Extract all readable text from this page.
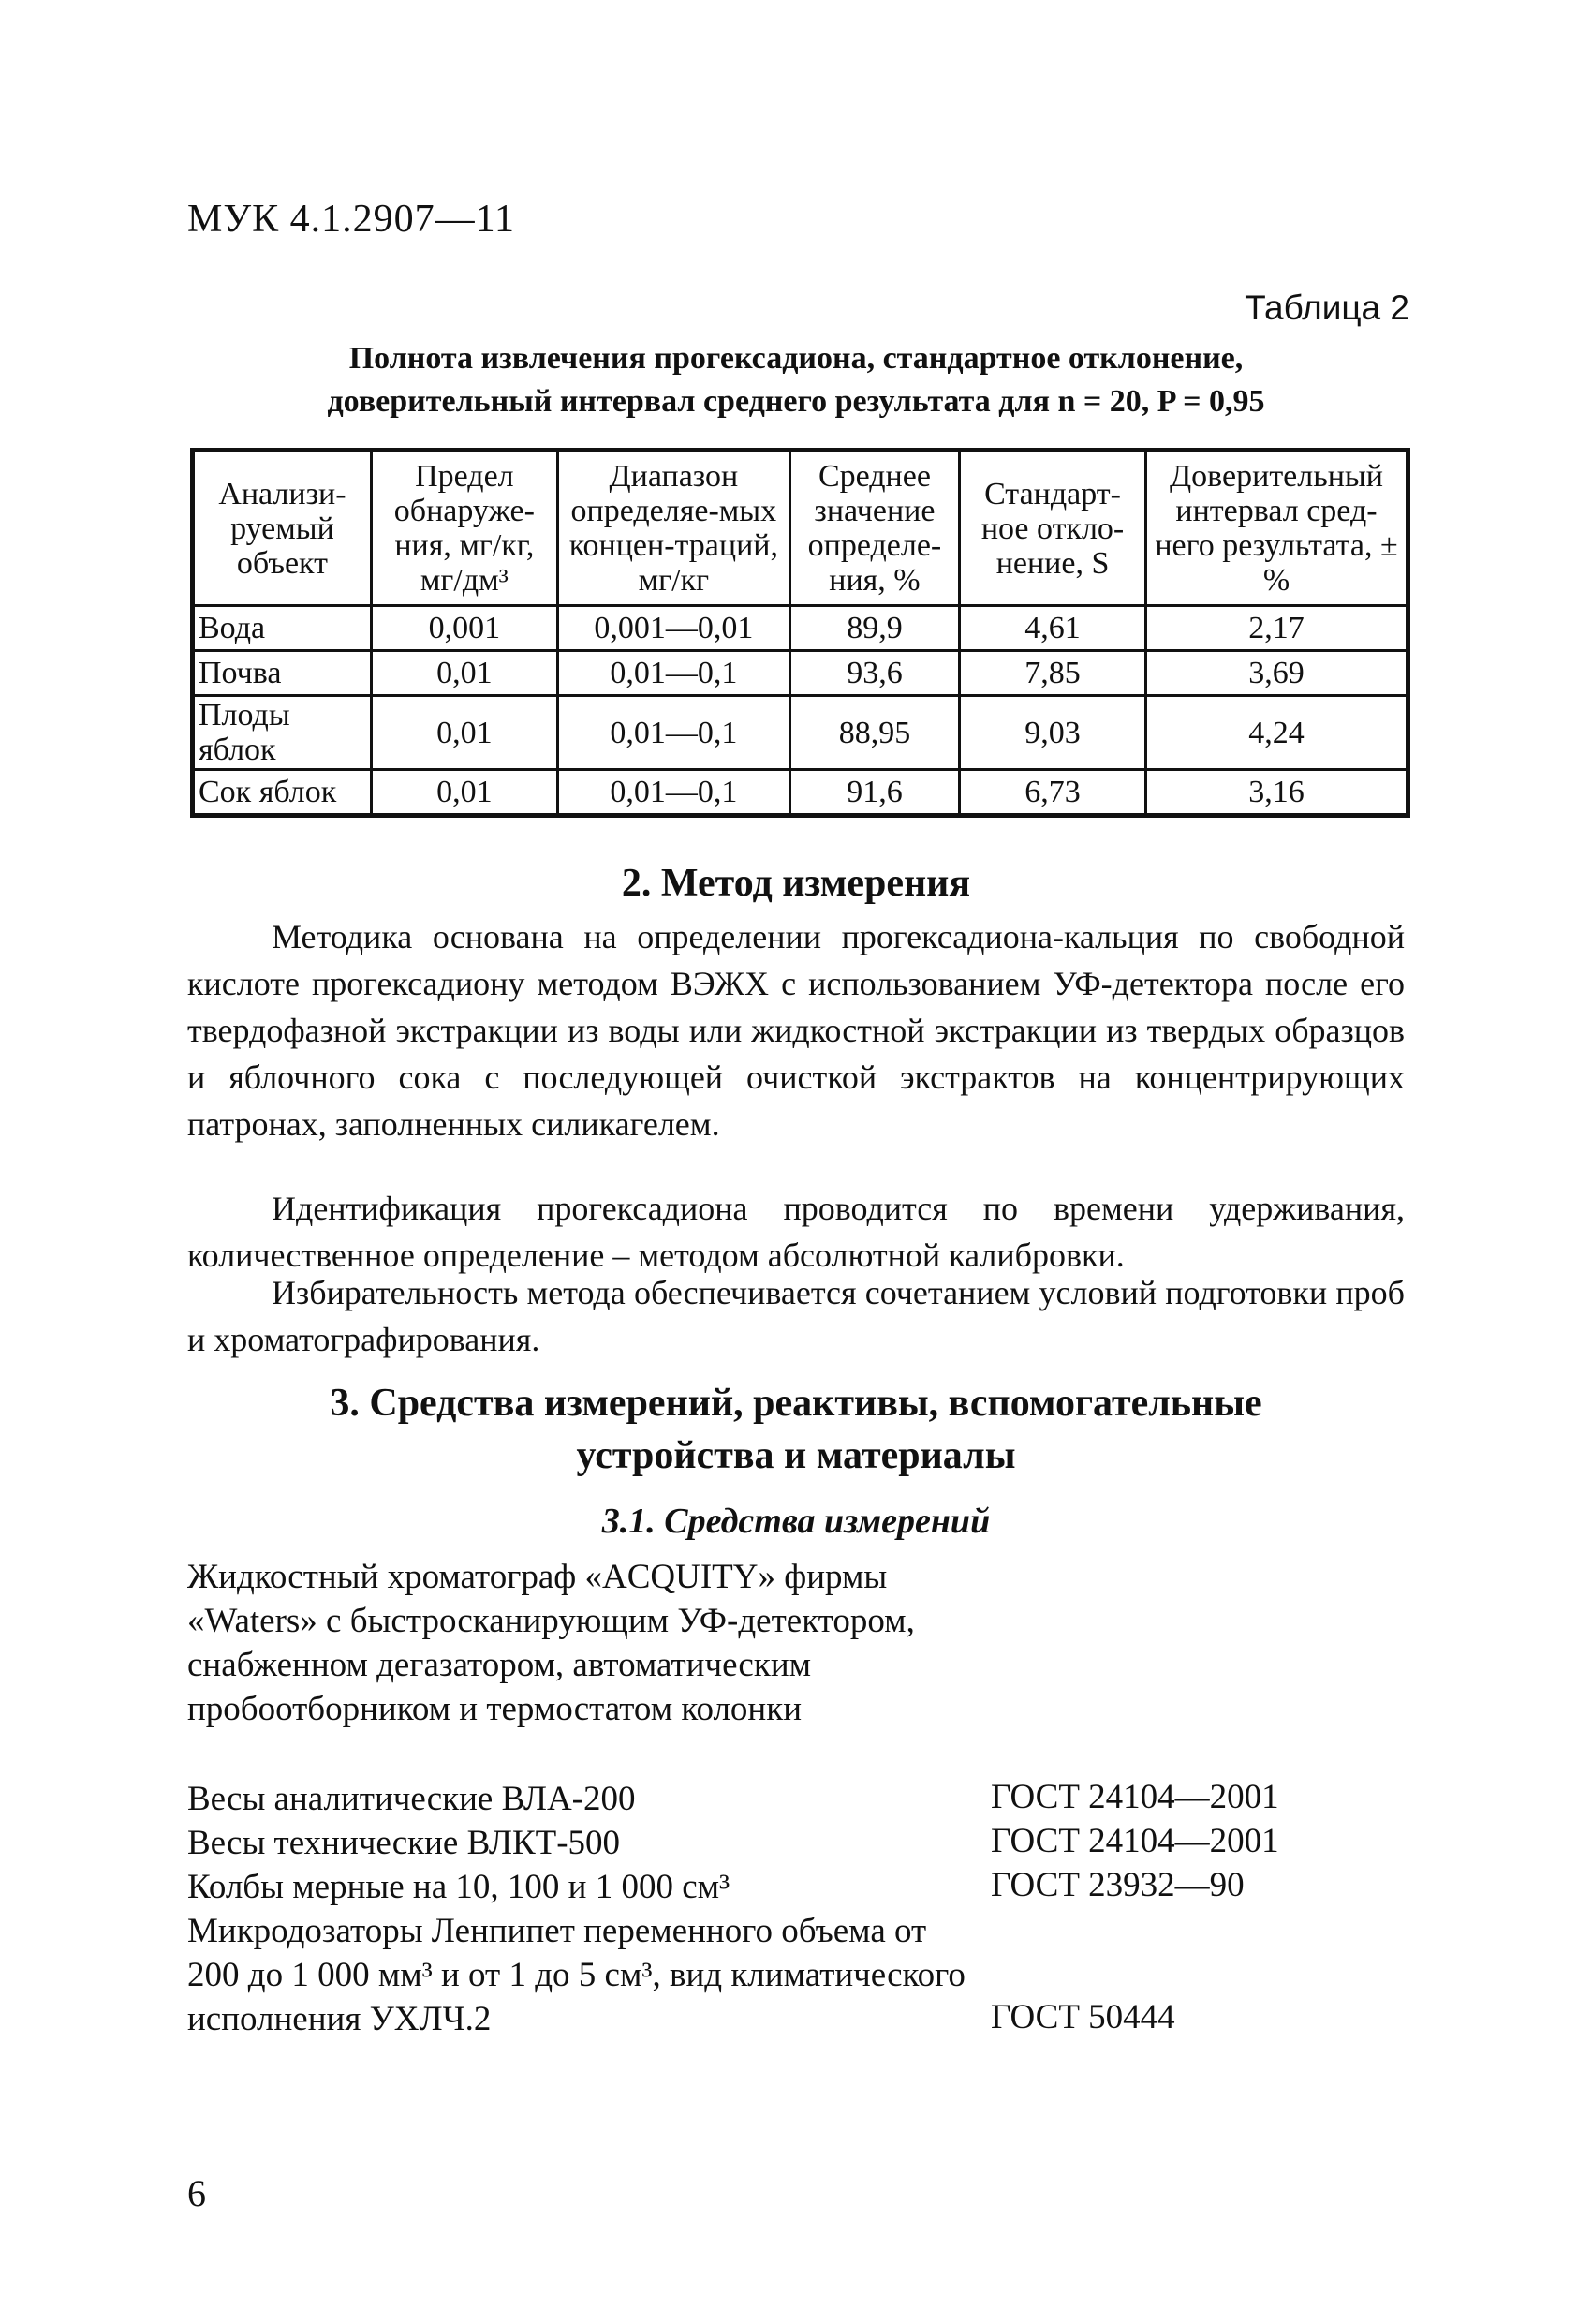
МУК 4.1.2907—11
Таблица 2
Полнота извлечения прогексадиона, стандартное отклонение,
доверительный интервал среднего результата для n = 20, P = 0,95
Анализи-руемый объект	Предел обнаруже-ния, мг/кг, мг/дм³	Диапазон определяе-мых концен-траций, мг/кг	Среднее значение определе-ния, %	Стандарт-ное откло-нение, S	Доверительный интервал сред-него результата, ± %
Вода	0,001	0,001—0,01	89,9	4,61	2,17
Почва	0,01	0,01—0,1	93,6	7,85	3,69
Плоды яблок	0,01	0,01—0,1	88,95	9,03	4,24
Сок яблок	0,01	0,01—0,1	91,6	6,73	3,16
2. Метод измерения
Методика основана на определении прогексадиона-кальция по свободной кислоте прогексадиону методом ВЭЖХ с использованием УФ-детектора после его твердофазной экстракции из воды или жидкостной экстракции из твердых образцов и яблочного сока с последующей очисткой экстрактов на концентрирующих патронах, заполненных силикагелем.
Идентификация прогексадиона проводится по времени удерживания, количественное определение – методом абсолютной калибровки.
Избирательность метода обеспечивается сочетанием условий подготовки проб и хроматографирования.
3. Средства измерений, реактивы, вспомогательные
устройства и материалы
3.1. Средства измерений
Жидкостный хроматограф «ACQUITY» фирмы «Waters» с быстросканирующим УФ-детектором, снабженном дегазатором, автоматическим пробоотборником и термостатом колонки
Весы аналитические ВЛА-200	ГОСТ 24104—2001
Весы технические ВЛКТ-500	ГОСТ 24104—2001
Колбы мерные на 10, 100 и 1 000 см³	ГОСТ 23932—90
Микродозаторы Ленпипет переменного объема от 200 до 1 000 мм³ и от 1 до 5 см³, вид климатического исполнения УХЛЧ.2	ГОСТ 50444
6
